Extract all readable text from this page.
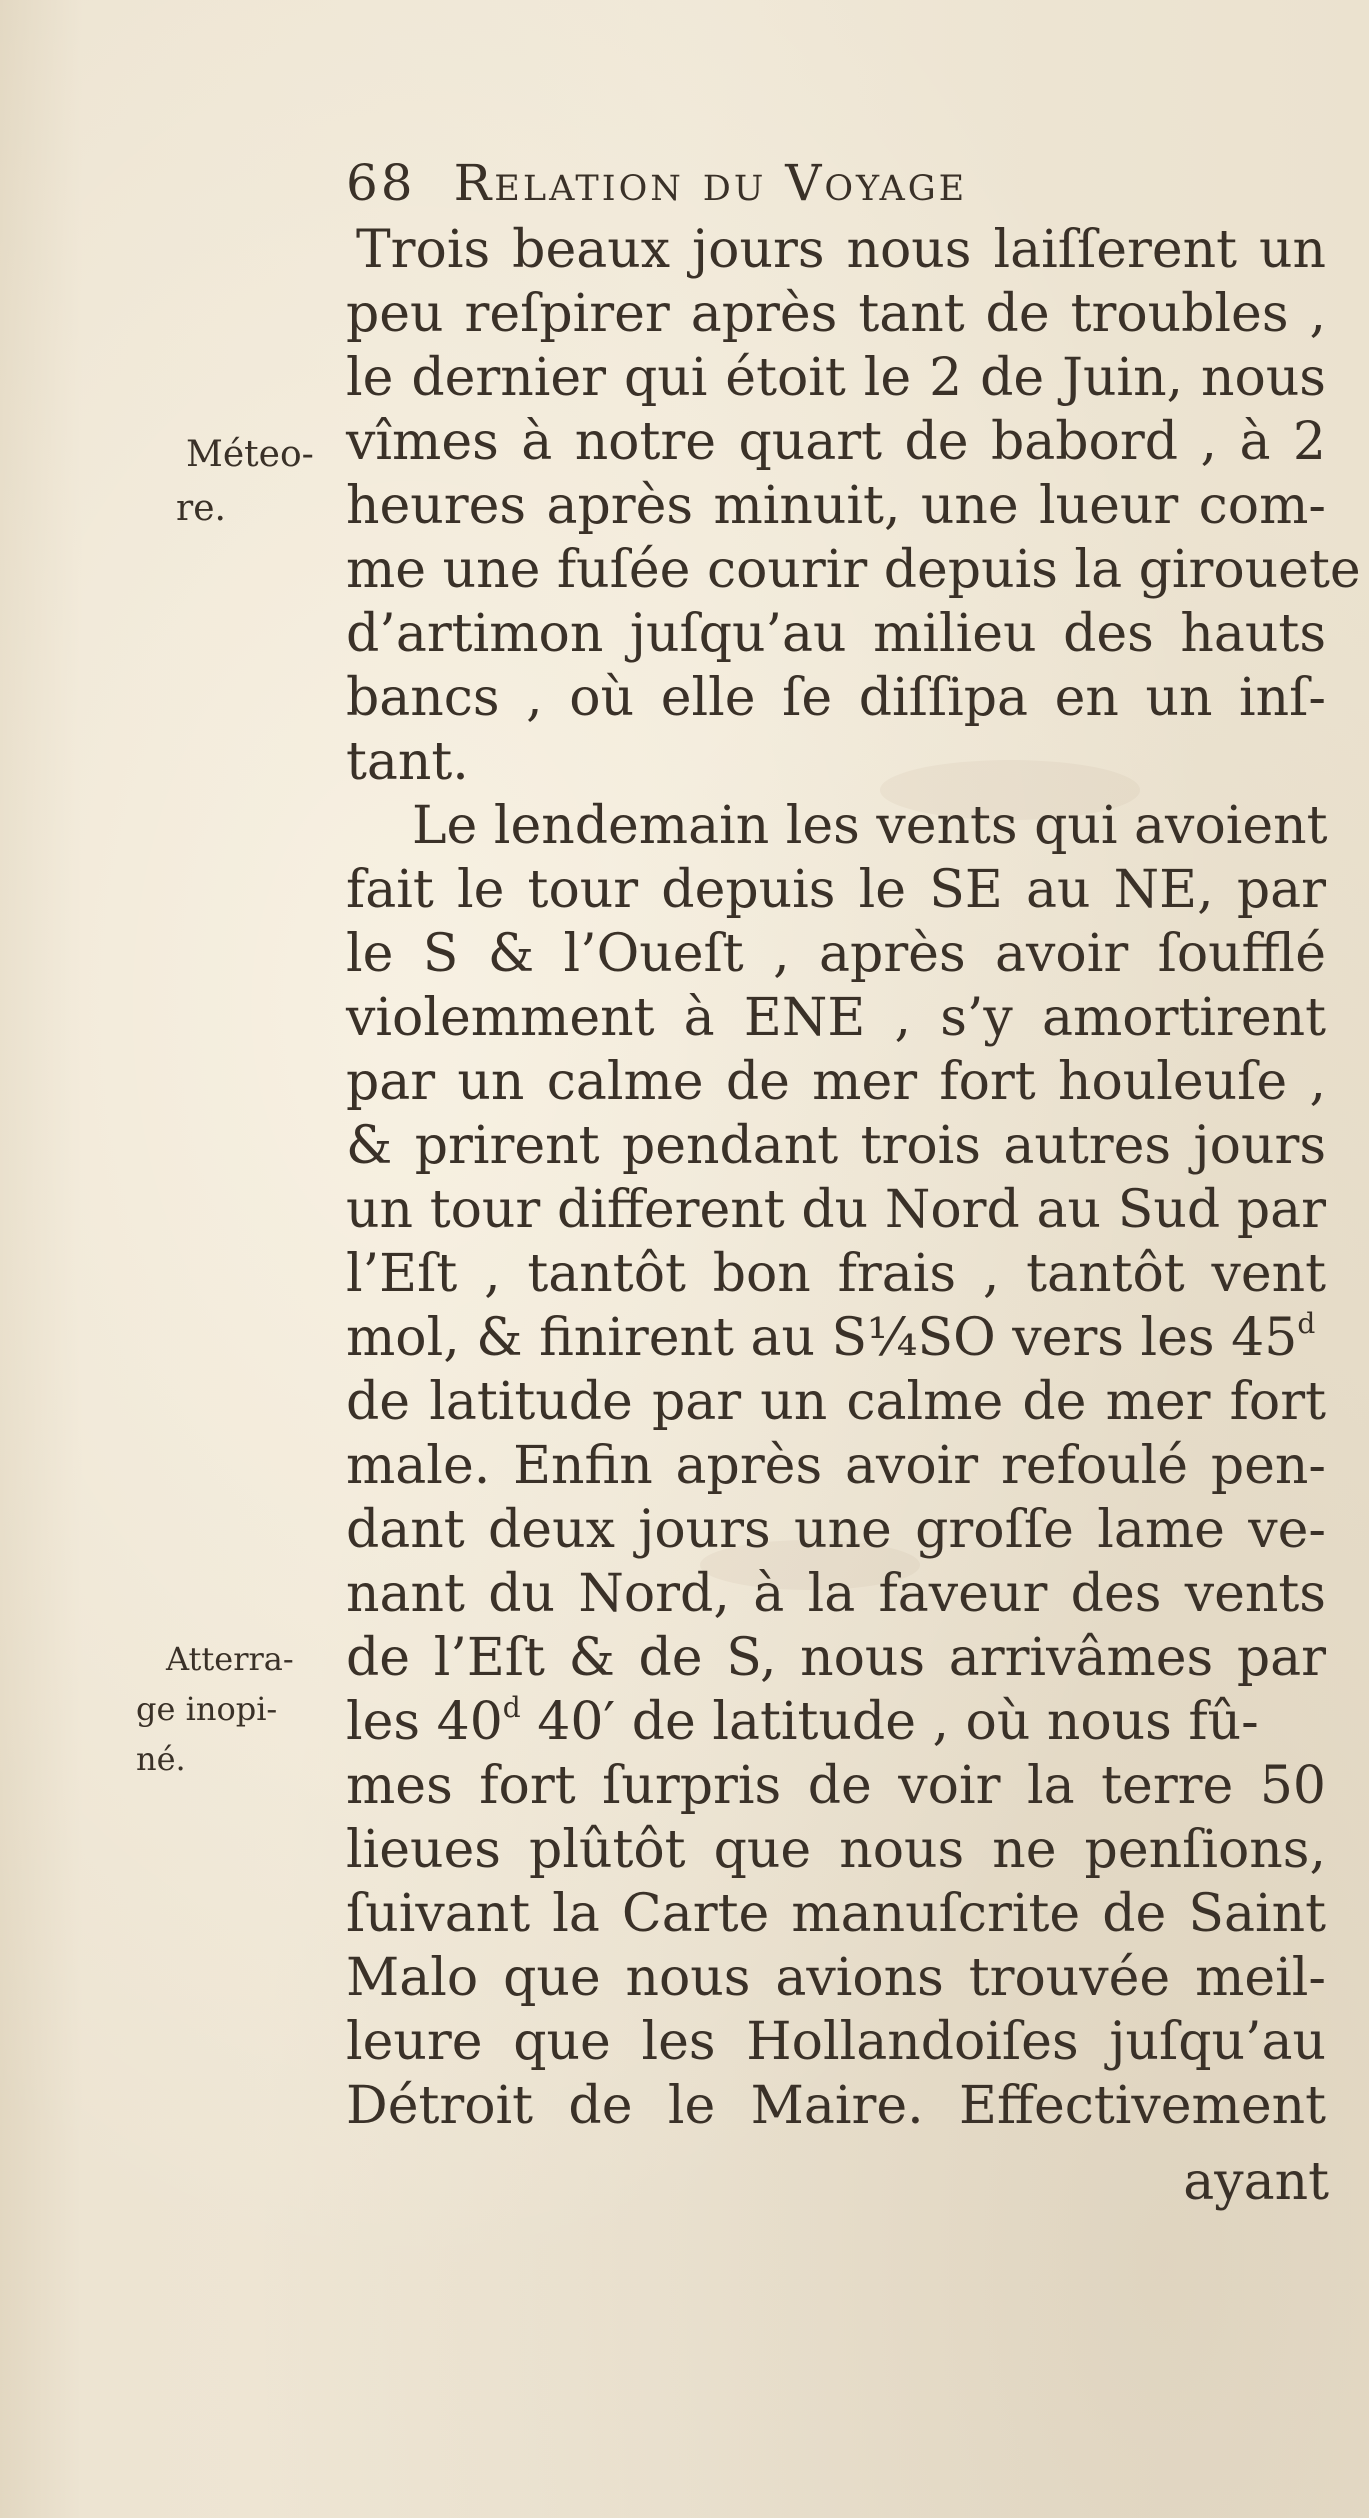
68 Relation du Voyage
Méteo-
re.
Atterra-
ge inopi-
né.
Trois beaux jours nous laiſſerent un
peu reſpirer après tant de troubles ,
le dernier qui étoit le 2 de Juin, nous
vîmes à notre quart de babord , à 2
heures après minuit, une lueur com-
me une fuſée courir depuis la girouete
d’artimon juſqu’au milieu des hauts
bancs , où elle ſe diſſipa en un inſ-
tant.
Le lendemain les vents qui avoient
fait le tour depuis le SE au NE, par
le S & l’Oueſt , après avoir ſoufflé
violemment à ENE , s’y amortirent
par un calme de mer fort houleuſe ,
& prirent pendant trois autres jours
un tour different du Nord au Sud par
l’Eſt , tantôt bon frais , tantôt vent
mol, & finirent au S¼SO vers les 45$^d$
de latitude par un calme de mer fort
male. Enfin après avoir refoulé pen-
dant deux jours une groſſe lame ve-
nant du Nord, à la faveur des vents
de l’Eſt & de S, nous arrivâmes par
les 40$^d$ 40′ de latitude , où nous fû-
mes fort ſurpris de voir la terre 50
lieues plûtôt que nous ne penſions,
ſuivant la Carte manuſcrite de Saint
Malo que nous avions trouvée meil-
leure que les Hollandoiſes juſqu’au
Détroit de le Maire. Effectivement
ayant
